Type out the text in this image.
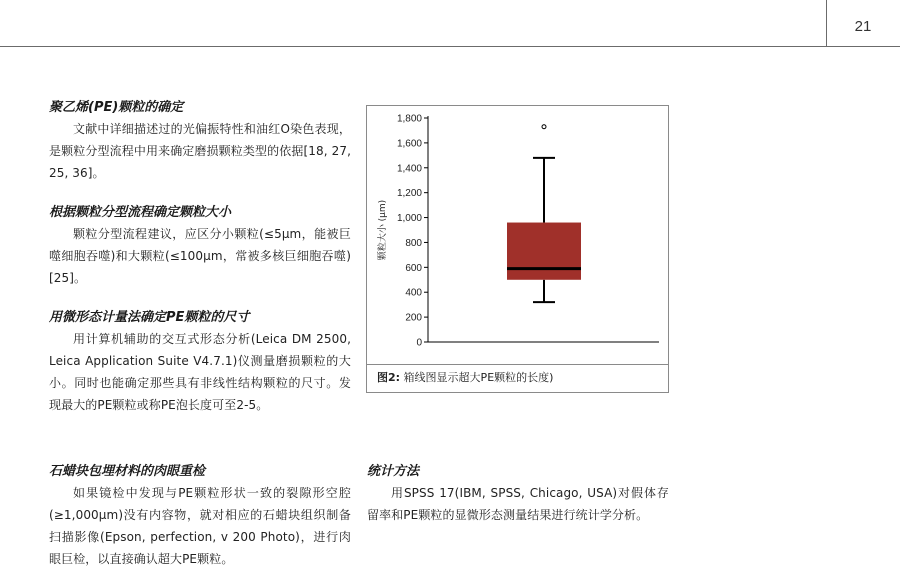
21
聚乙烯(PE)颗粒的确定
文献中详细描述过的光偏振特性和油红O染色表现，是颗粒分型流程中用来确定磨损颗粒类型的依据[18, 27, 25, 36]。
根据颗粒分型流程确定颗粒大小
颗粒分型流程建议，应区分小颗粒(≤5μm，能被巨噬细胞吞噬)和大颗粒(≤100μm，常被多核巨细胞吞噬)[25]。
用微形态计量法确定PE颗粒的尺寸
用计算机辅助的交互式形态分析(Leica DM 2500, Leica Application Suite V4.7.1)仪测量磨损颗粒的大小。同时也能确定那些具有非线性结构颗粒的尺寸。发现最大的PE颗粒或称PE泡长度可至2-5。
石蜡块包埋材料的肉眼重检
如果镜检中发现与PE颗粒形状一致的裂隙形空腔(≥1,000μm)没有内容物，就对相应的石蜡块组织制备扫描影像(Epson, perfection, v 200 Photo)，进行肉眼巨检，以直接确认超大PE颗粒。
统计方法
用SPSS 17(IBM, SPSS, Chicago, USA)对假体存留率和PE颗粒的显微形态测量结果进行统计学分析。
0
200
400
600
800
1,000
1,200
1,400
1,600
1,800
颗粒大小 (μm)
图2: 箱线图显示超大PE颗粒的长度)
